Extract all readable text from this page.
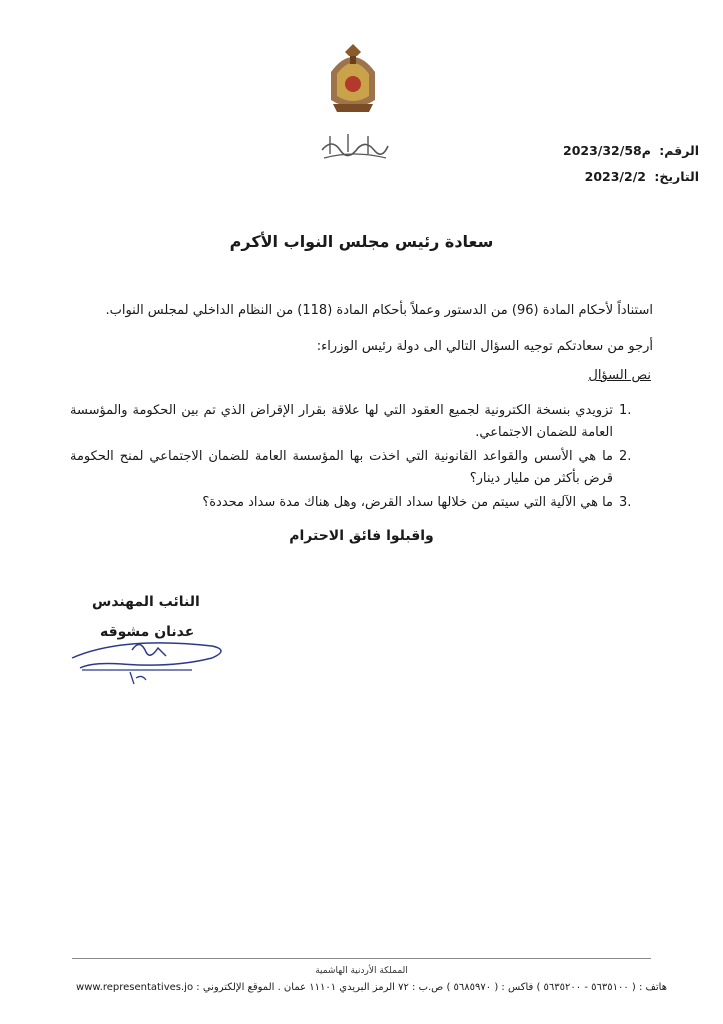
الرقم: م2023/32/58
التاريخ: 2023/2/2
سعادة رئيس مجلس النواب الأكرم
استناداً لأحكام المادة (96) من الدستور وعملاً بأحكام المادة (118) من النظام الداخلي لمجلس النواب.
أرجو من سعادتكم توجيه السؤال التالي الى دولة رئيس الوزراء:
نص السؤال
1.
تزويدي بنسخة الكترونية لجميع العقود التي لها علاقة بقرار الإقراض الذي تم بين الحكومة والمؤسسة العامة للضمان الاجتماعي.
2.
ما هي الأسس والقواعد القانونية التي اخذت بها المؤسسة العامة للضمان الاجتماعي لمنح الحكومة قرض بأكثر من مليار دينار؟
3.
ما هي الآلية التي سيتم من خلالها سداد القرض، وهل هناك مدة سداد محددة؟
واقبلوا فائق الاحترام
النائب المهندس
عدنان مشوقه
المملكة الأردنية الهاشمية
هاتف : ( ٥٦٣٥١٠٠ - ٥٦٣٥٢٠٠ ) فاكس : ( ٥٦٨٥٩٧٠ ) ص.ب : ٧٢ الرمز البريدي ١١١٠١ عمان . الموقع الإلكتروني : www.representatives.jo
